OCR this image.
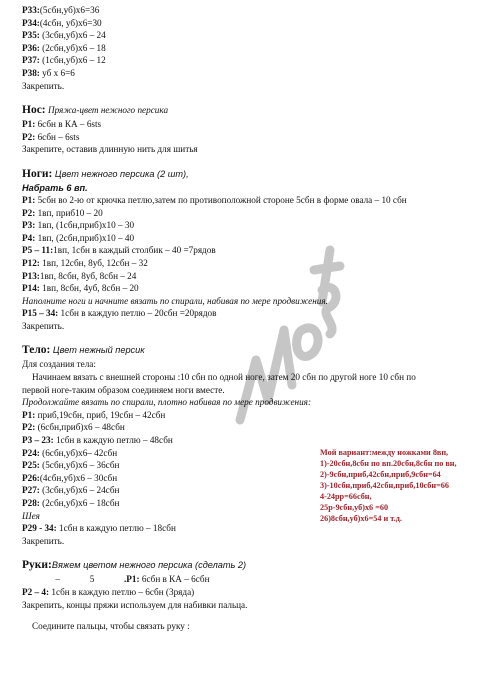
Р33:(5сбн,уб)х6=36
Р34:(4сбн, уб)х6=30
Р35: (3сбн,уб)х6 – 24
Р36: (2сбн,уб)х6 – 18
Р37: (1сбн,уб)х6 – 12
Р38: уб х 6=6
Закрепить.
Нос: Пряжа-цвет нежного персика
Р1: 6сбн в КА – 6sts
Р2: 6сбн – 6sts
Закрепите, оставив длинную нить для шитья
Ноги: Цвет нежного персика (2 шт),
Набрать 6 вп.
Р1: 5сбн во 2-ю от крючка петлю,затем по противоположной стороне 5сбн в форме овала – 10 сбн
Р2: 1вп, приб10 – 20
Р3: 1вп, (1сбн,приб)х10 – 30
Р4: 1вп, (2сбн,приб)х10 – 40
Р5 – 11:1вп, 1сбн в каждый столбик – 40 =7рядов
Р12: 1вп, 12сбн, 8уб, 12сбн – 32
Р13:1вп, 8сбн, 8уб, 8сбн – 24
Р14: 1вп, 8сбн, 4уб, 8сбн – 20
Наполните ноги и начните вязать по спирали, набивая по мере продвижения.
Р15 – 34: 1сбн в каждую петлю – 20сбн =20рядов
Закрепить.
Тело: Цвет нежный персик
Для создания тела:
Начинаем вязать с внешней стороны :10 сбн по одной ноге, затем 20 сбн по другой ноге 10 сбн по
первой ноге-таким образом соединяем ноги вместе.
Продолжайте вязать по спирали, плотно набивая по мере продвижения:
Р1: приб,19сбн, приб, 19сбн – 42сбн
Р2: (6сбн,приб)х6 – 48сбн
Р3 – 23: 1сбн в каждую петлю – 48сбн
Р24: (6сбн,уб)х6– 42сбн
Р25: (5сбн,уб)х6 – 36сбн
Р26:(4сбн,уб)х6 – 30сбн
Р27: (3сбн,уб)х6 – 24сбн
Р28: (2сбн,уб)х6 – 18сбн
Шея
Р29 - 34: 1сбн в каждую петлю – 18сбн
Закрепить.
Руки:Вяжем цветом нежного персика (сделать 2)
–	5	.Р1: 6сбн в КА – 6сбн
Р2 – 4: 1сбн в каждую петлю – 6сбн (3ряда)
Закрепить, концы пряжи используем для набивки пальца.
Соедините пальцы, чтобы связать руку :
Мой вариант:между ножками 8вп,
1)-20сбн,8сбн по вп.20сбн,8сбн по вн,
2)-9сбн,приб,42сбн,приб,9сбн=64
3)-10сбн,приб,42сбн,приб,10сбн=66
4-24рр=66сбн,
25р-9сбн,уб)х6 =60
26)8сбн,уб)х6=54 и т.д.
